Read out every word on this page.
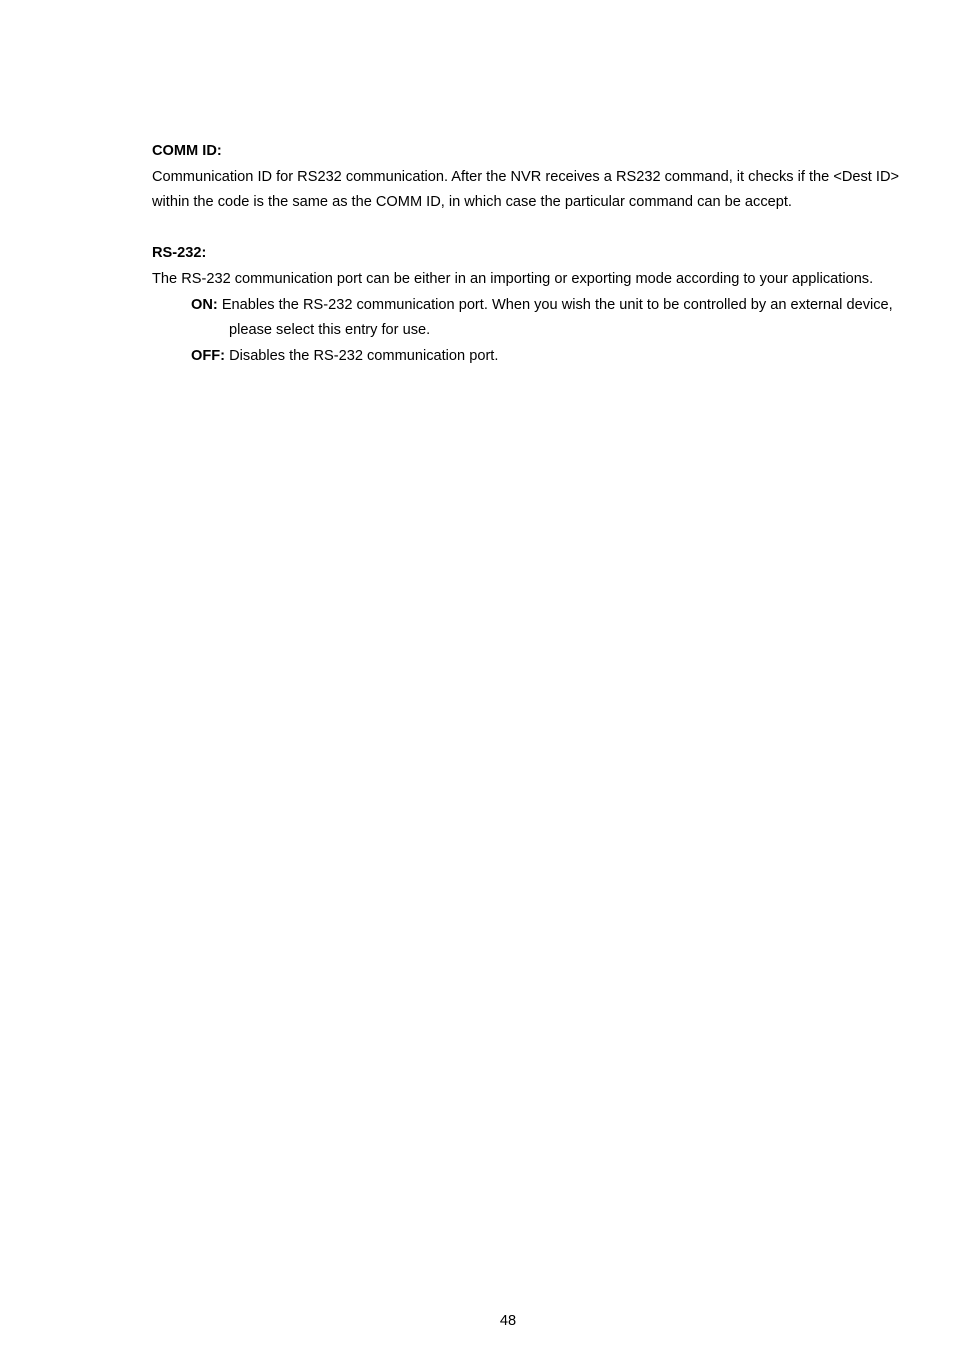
COMM ID:

Communication ID for RS232 communication. After the NVR receives a RS232 command, it checks if the <Dest ID> within the code is the same as the COMM ID, in which case the particular command can be accept.

RS-232:

The RS-232 communication port can be either in an importing or exporting mode according to your applications.

ON: Enables the RS-232 communication port. When you wish the unit to be controlled by an external device, please select this entry for use.

OFF: Disables the RS-232 communication port.

48
